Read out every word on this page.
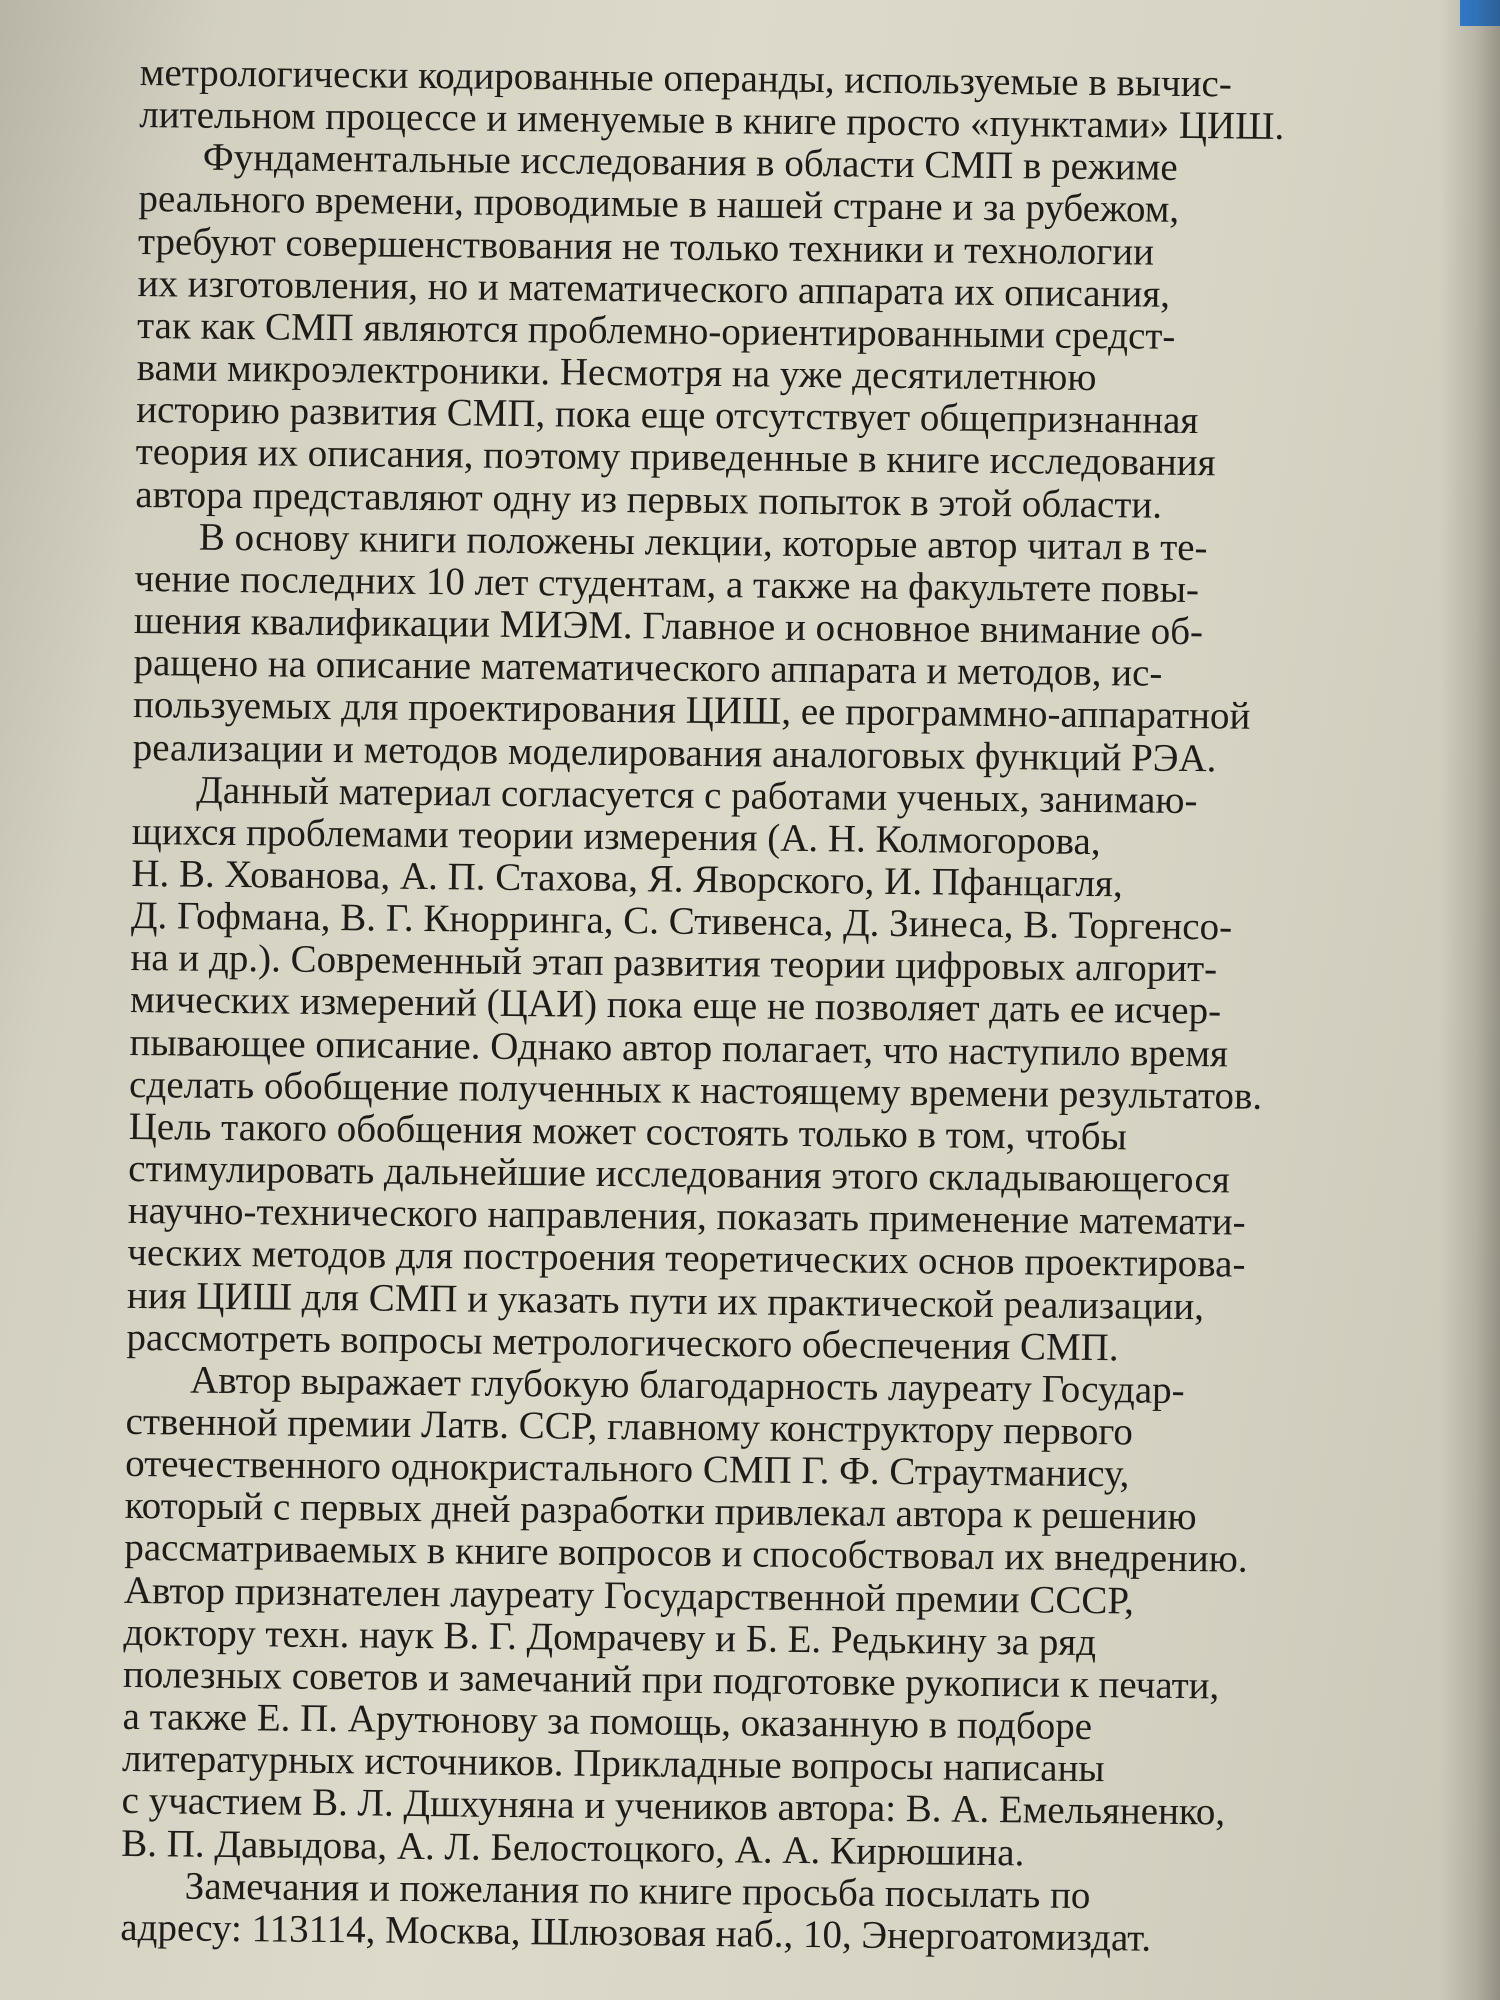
метрологически кодированные операнды, используемые в вычис-
лительном процессе и именуемые в книге просто «пунктами» ЦИШ.
Фундаментальные исследования в области СМП в режиме
реального времени, проводимые в нашей стране и за рубежом,
требуют совершенствования не только техники и технологии
их изготовления, но и математического аппарата их описания,
так как СМП являются проблемно-ориентированными средст-
вами микроэлектроники. Несмотря на уже десятилетнюю
историю развития СМП, пока еще отсутствует общепризнанная
теория их описания, поэтому приведенные в книге исследования
автора представляют одну из первых попыток в этой области.
В основу книги положены лекции, которые автор читал в те-
чение последних 10 лет студентам, а также на факультете повы-
шения квалификации МИЭМ. Главное и основное внимание об-
ращено на описание математического аппарата и методов, ис-
пользуемых для проектирования ЦИШ, ее программно-аппаратной
реализации и методов моделирования аналоговых функций РЭА.
Данный материал согласуется с работами ученых, занимаю-
щихся проблемами теории измерения (А. Н. Колмогорова,
Н. В. Хованова, А. П. Стахова, Я. Яворского, И. Пфанцагля,
Д. Гофмана, В. Г. Кнорринга, С. Стивенса, Д. Зинеса, В. Торгенсо-
на и др.). Современный этап развития теории цифровых алгорит-
мических измерений (ЦАИ) пока еще не позволяет дать ее исчер-
пывающее описание. Однако автор полагает, что наступило время
сделать обобщение полученных к настоящему времени результатов.
Цель такого обобщения может состоять только в том, чтобы
стимулировать дальнейшие исследования этого складывающегося
научно-технического направления, показать применение математи-
ческих методов для построения теоретических основ проектирова-
ния ЦИШ для СМП и указать пути их практической реализации,
рассмотреть вопросы метрологического обеспечения СМП.
Автор выражает глубокую благодарность лауреату Государ-
ственной премии Латв. ССР, главному конструктору первого
отечественного однокристального СМП Г. Ф. Страутманису,
который с первых дней разработки привлекал автора к решению
рассматриваемых в книге вопросов и способствовал их внедрению.
Автор признателен лауреату Государственной премии СССР,
доктору техн. наук В. Г. Домрачеву и Б. Е. Редькину за ряд
полезных советов и замечаний при подготовке рукописи к печати,
а также Е. П. Арутюнову за помощь, оказанную в подборе
литературных источников. Прикладные вопросы написаны
с участием В. Л. Дшхуняна и учеников автора: В. А. Емельяненко,
В. П. Давыдова, А. Л. Белостоцкого, А. А. Кирюшина.
Замечания и пожелания по книге просьба посылать по
адресу: 113114, Москва, Шлюзовая наб., 10, Энергоатомиздат.
